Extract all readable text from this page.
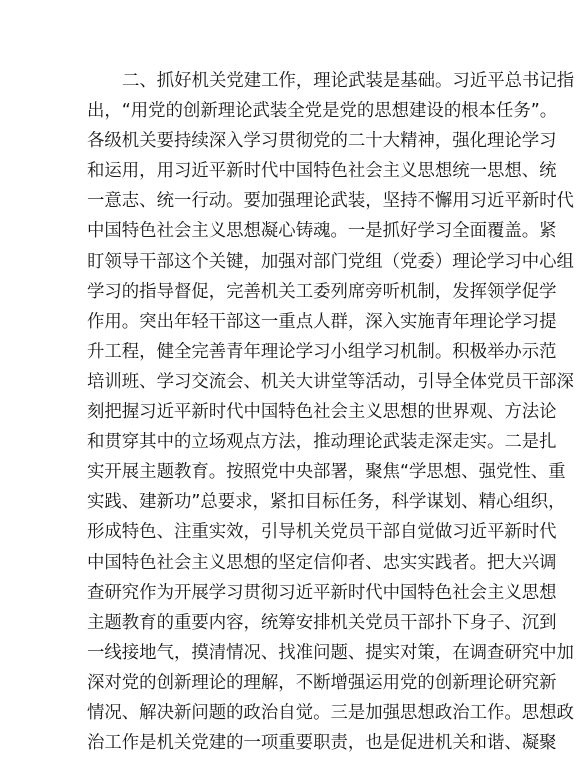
二、抓好机关党建工作，理论武装是基础。习近平总书记指
出，“用党的创新理论武装全党是党的思想建设的根本任务”。
各级机关要持续深入学习贯彻党的二十大精神，强化理论学习
和运用，用习近平新时代中国特色社会主义思想统一思想、统
一意志、统一行动。要加强理论武装，坚持不懈用习近平新时代
中国特色社会主义思想凝心铸魂。一是抓好学习全面覆盖。紧
盯领导干部这个关键，加强对部门党组（党委）理论学习中心组
学习的指导督促，完善机关工委列席旁听机制，发挥领学促学
作用。突出年轻干部这一重点人群，深入实施青年理论学习提
升工程，健全完善青年理论学习小组学习机制。积极举办示范
培训班、学习交流会、机关大讲堂等活动，引导全体党员干部深
刻把握习近平新时代中国特色社会主义思想的世界观、方法论
和贯穿其中的立场观点方法，推动理论武装走深走实。二是扎
实开展主题教育。按照党中央部署，聚焦“学思想、强党性、重
实践、建新功”总要求，紧扣目标任务，科学谋划、精心组织，
形成特色、注重实效，引导机关党员干部自觉做习近平新时代
中国特色社会主义思想的坚定信仰者、忠实实践者。把大兴调
查研究作为开展学习贯彻习近平新时代中国特色社会主义思想
主题教育的重要内容，统筹安排机关党员干部扑下身子、沉到
一线接地气，摸清情况、找准问题、提实对策，在调查研究中加
深对党的创新理论的理解，不断增强运用党的创新理论研究新
情况、解决新问题的政治自觉。三是加强思想政治工作。思想政
治工作是机关党建的一项重要职责，也是促进机关和谐、凝聚
